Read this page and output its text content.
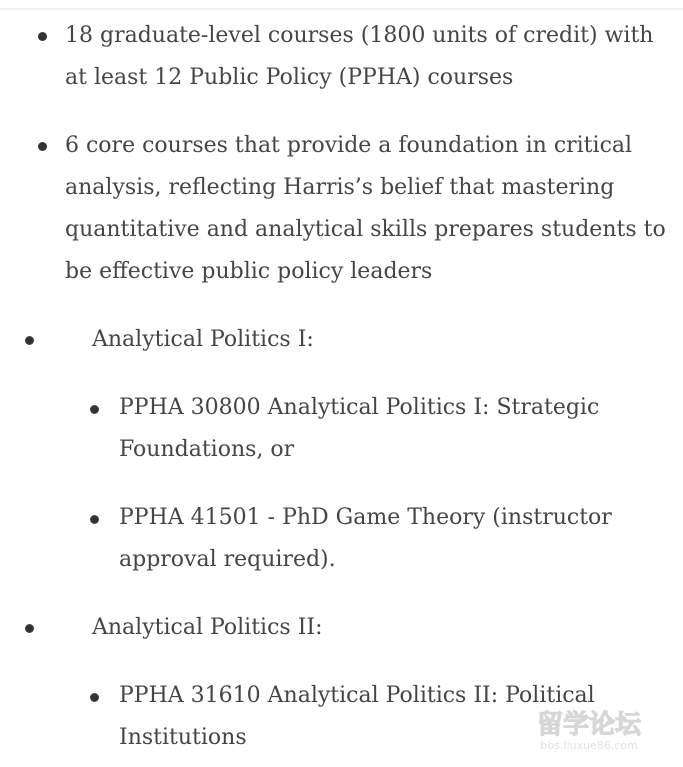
18 graduate-level courses (1800 units of credit) with at least 12 Public Policy (PPHA) courses
6 core courses that provide a foundation in critical analysis, reflecting Harris’s belief that mastering quantitative and analytical skills prepares students to be effective public policy leaders
Analytical Politics I:
PPHA 30800 Analytical Politics I: Strategic Foundations, or
PPHA 41501 - PhD Game Theory (instructor approval required).
Analytical Politics II:
PPHA 31610 Analytical Politics II: Political Institutions	留学论坛
bbs.liuxue86.com
